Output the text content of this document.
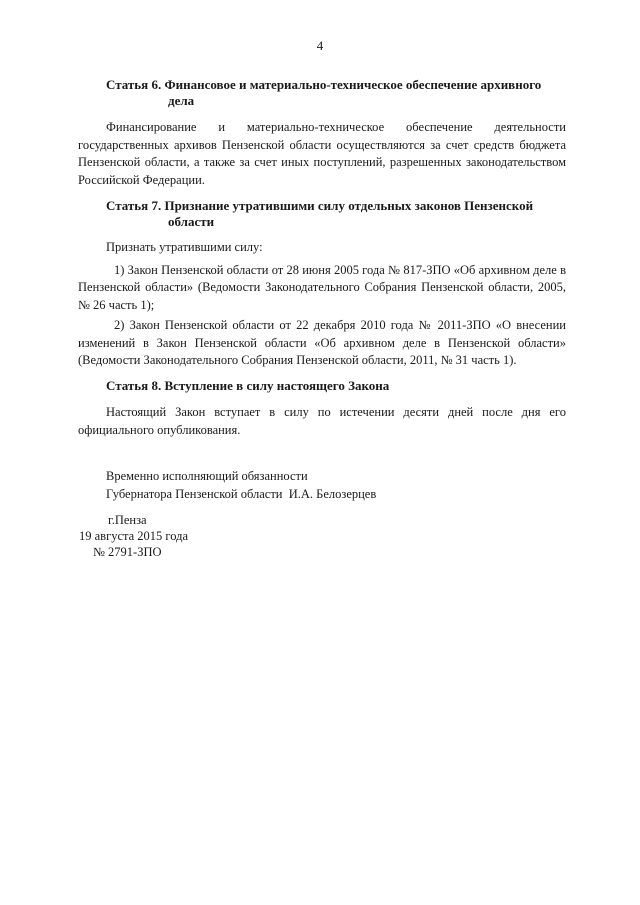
4
Статья 6. Финансовое и материально-техническое обеспечение архивного
дела
Финансирование и материально-техническое обеспечение деятельности государственных архивов Пензенской области осуществляются за счет средств бюджета Пензенской области, а также за счет иных поступлений, разрешенных законодательством Российской Федерации.
Статья 7. Признание утратившими силу отдельных законов Пензенской
области
Признать утратившими силу:
1) Закон Пензенской области от 28 июня 2005 года № 817-ЗПО «Об архивном деле в Пензенской области» (Ведомости Законодательного Собрания Пензенской области, 2005, № 26 часть 1);
2) Закон Пензенской области от 22 декабря 2010 года № 2011-ЗПО «О внесении изменений в Закон Пензенской области «Об архивном деле в Пензенской области» (Ведомости Законодательного Собрания Пензенской области, 2011, № 31 часть 1).
Статья 8. Вступление в силу настоящего Закона
Настоящий Закон вступает в силу по истечении десяти дней после дня его официального опубликования.
Временно исполняющий обязанности
Губернатора Пензенской области  И.А. Белозерцев
г.Пенза
19 августа 2015 года
№ 2791-ЗПО
